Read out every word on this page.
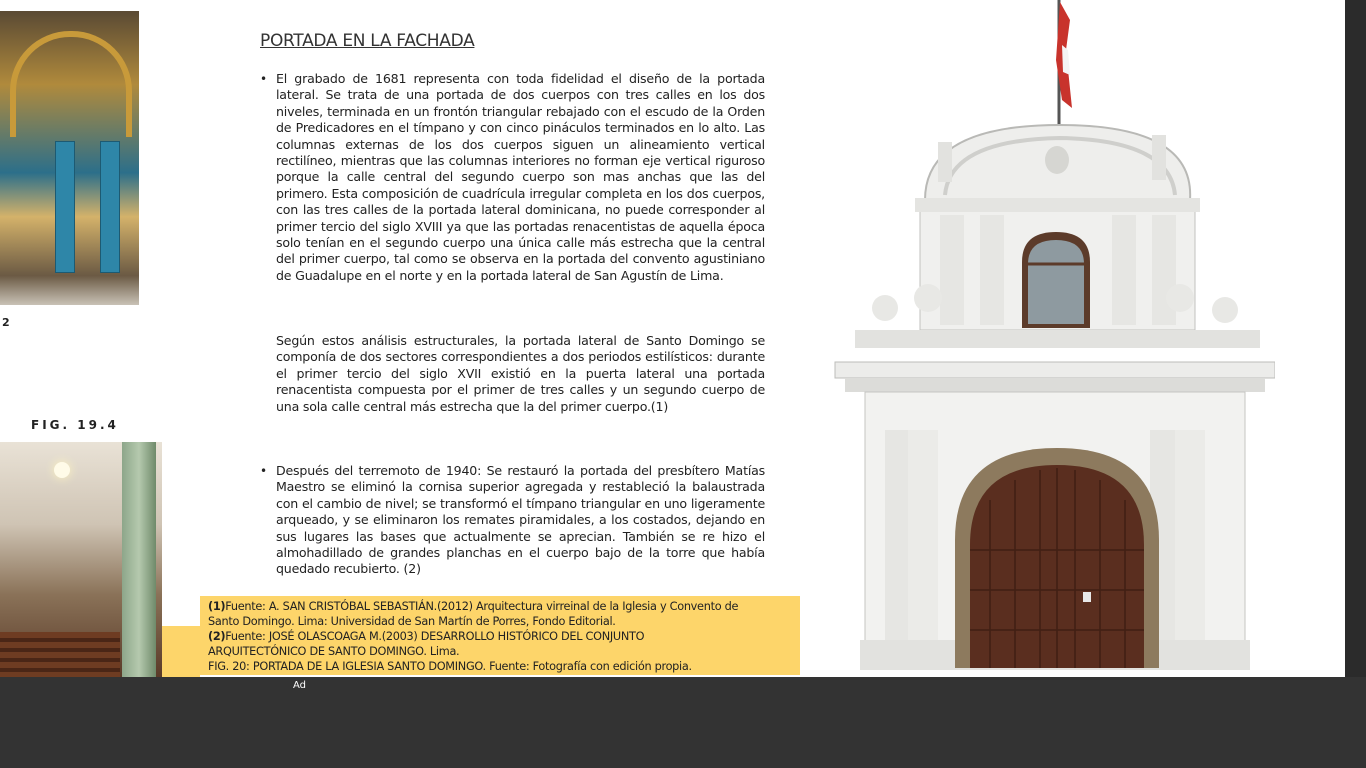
2
FIG. 19.4
PORTADA EN LA FACHADA
• El grabado de 1681 representa con toda fidelidad el diseño de la portada lateral. Se trata de una portada de dos cuerpos con tres calles en los dos niveles, terminada en un frontón triangular rebajado con el escudo de la Orden de Predicadores en el tímpano y con cinco pináculos terminados en lo alto. Las columnas externas de los dos cuerpos siguen un alineamiento vertical rectilíneo, mientras que las columnas interiores no forman eje vertical riguroso porque la calle central del segundo cuerpo son mas anchas que las del primero. Esta composición de cuadrícula irregular completa en los dos cuerpos, con las tres calles de la portada lateral dominicana, no puede corresponder al primer tercio del siglo XVIII ya que las portadas renacentistas de aquella época solo tenían en el segundo cuerpo una única calle más estrecha que la central del primer cuerpo, tal como se observa en la portada del convento agustiniano de Guadalupe en el norte y en la portada lateral de San Agustín de Lima.
Según estos análisis estructurales, la portada lateral de Santo Domingo se componía de dos sectores correspondientes a dos periodos estilísticos: durante el primer tercio del siglo XVII existió en la puerta lateral una portada renacentista compuesta por el primer de tres calles y un segundo cuerpo de una sola calle central más estrecha que la del primer cuerpo.(1)
• Después del terremoto de 1940: Se restauró la portada del presbítero Matías Maestro se eliminó la cornisa superior agregada y restableció la balaustrada con el cambio de nivel; se transformó el tímpano triangular en uno ligeramente arqueado, y se eliminaron los remates piramidales, a los costados, dejando en sus lugares las bases que actualmente se aprecian. También se re hizo el almohadillado de grandes planchas en el cuerpo bajo de la torre que había quedado recubierto. (2)
(1)Fuente: A. SAN CRISTÓBAL SEBASTIÁN.(2012) Arquitectura virreinal de la Iglesia y Convento de
Santo Domingo. Lima: Universidad de San Martín de Porres, Fondo Editorial.
(2)Fuente: JOSÉ OLASCOAGA M.(2003) DESARROLLO HISTÓRICO DEL CONJUNTO
ARQUITECTÓNICO DE SANTO DOMINGO. Lima.
FIG. 20: PORTADA DE LA IGLESIA SANTO DOMINGO. Fuente: Fotografía con edición propia.
Ad
